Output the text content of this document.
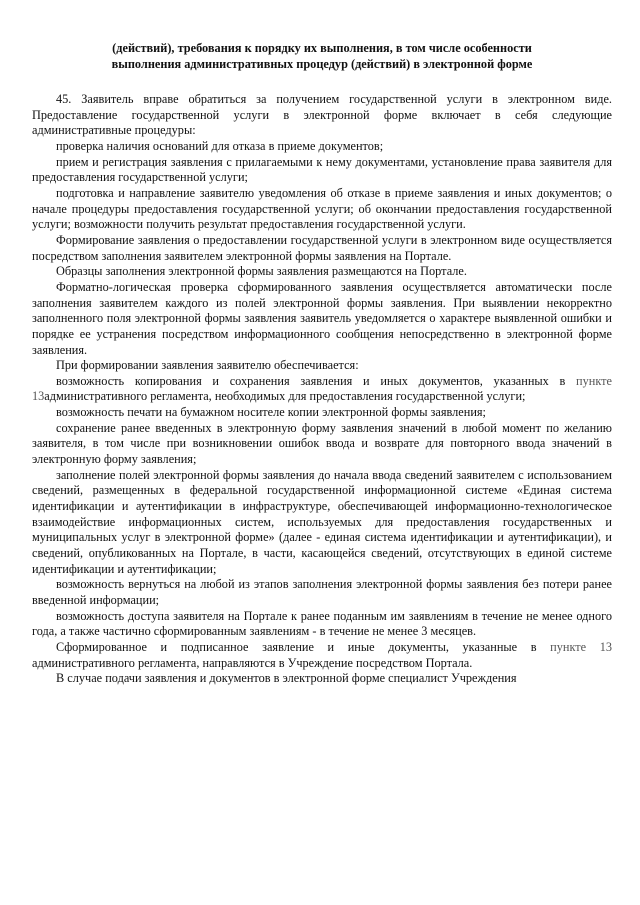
(действий), требования к порядку их выполнения, в том числе особенности
выполнения административных процедур (действий) в электронной форме

45. Заявитель вправе обратиться за получением государственной услуги в электронном виде. Предоставление государственной услуги в электронной форме включает в себя следующие административные процедуры:

проверка наличия оснований для отказа в приеме документов;

прием и регистрация заявления с прилагаемыми к нему документами, установление права заявителя для предоставления государственной услуги;

подготовка и направление заявителю уведомления об отказе в приеме заявления и иных документов; о начале процедуры предоставления государственной услуги; об окончании предоставления государственной услуги; возможности получить результат предоставления государственной услуги.

Формирование заявления о предоставлении государственной услуги в электронном виде осуществляется посредством заполнения заявителем электронной формы заявления на Портале.

Образцы заполнения электронной формы заявления размещаются на Портале.

Форматно-логическая проверка сформированного заявления осуществляется автоматически после заполнения заявителем каждого из полей электронной формы заявления. При выявлении некорректно заполненного поля электронной формы заявления заявитель уведомляется о характере выявленной ошибки и порядке ее устранения посредством информационного сообщения непосредственно в электронной форме заявления.

При формировании заявления заявителю обеспечивается:

возможность копирования и сохранения заявления и иных документов, указанных в пункте 13административного регламента, необходимых для предоставления государственной услуги;

возможность печати на бумажном носителе копии электронной формы заявления;

сохранение ранее введенных в электронную форму заявления значений в любой момент по желанию заявителя, в том числе при возникновении ошибок ввода и возврате для повторного ввода значений в электронную форму заявления;

заполнение полей электронной формы заявления до начала ввода сведений заявителем с использованием сведений, размещенных в федеральной государственной информационной системе «Единая система идентификации и аутентификации в инфраструктуре, обеспечивающей информационно-технологическое взаимодействие информационных систем, используемых для предоставления государственных и муниципальных услуг в электронной форме» (далее - единая система идентификации и аутентификации), и сведений, опубликованных на Портале, в части, касающейся сведений, отсутствующих в единой системе идентификации и аутентификации;

возможность вернуться на любой из этапов заполнения электронной формы заявления без потери ранее введенной информации;

возможность доступа заявителя на Портале к ранее поданным им заявлениям в течение не менее одного года, а также частично сформированным заявлениям - в течение не менее 3 месяцев.

Сформированное и подписанное заявление и иные документы, указанные в пункте 13 административного регламента, направляются в Учреждение посредством Портала.

В случае подачи заявления и документов в электронной форме специалист Учреждения
